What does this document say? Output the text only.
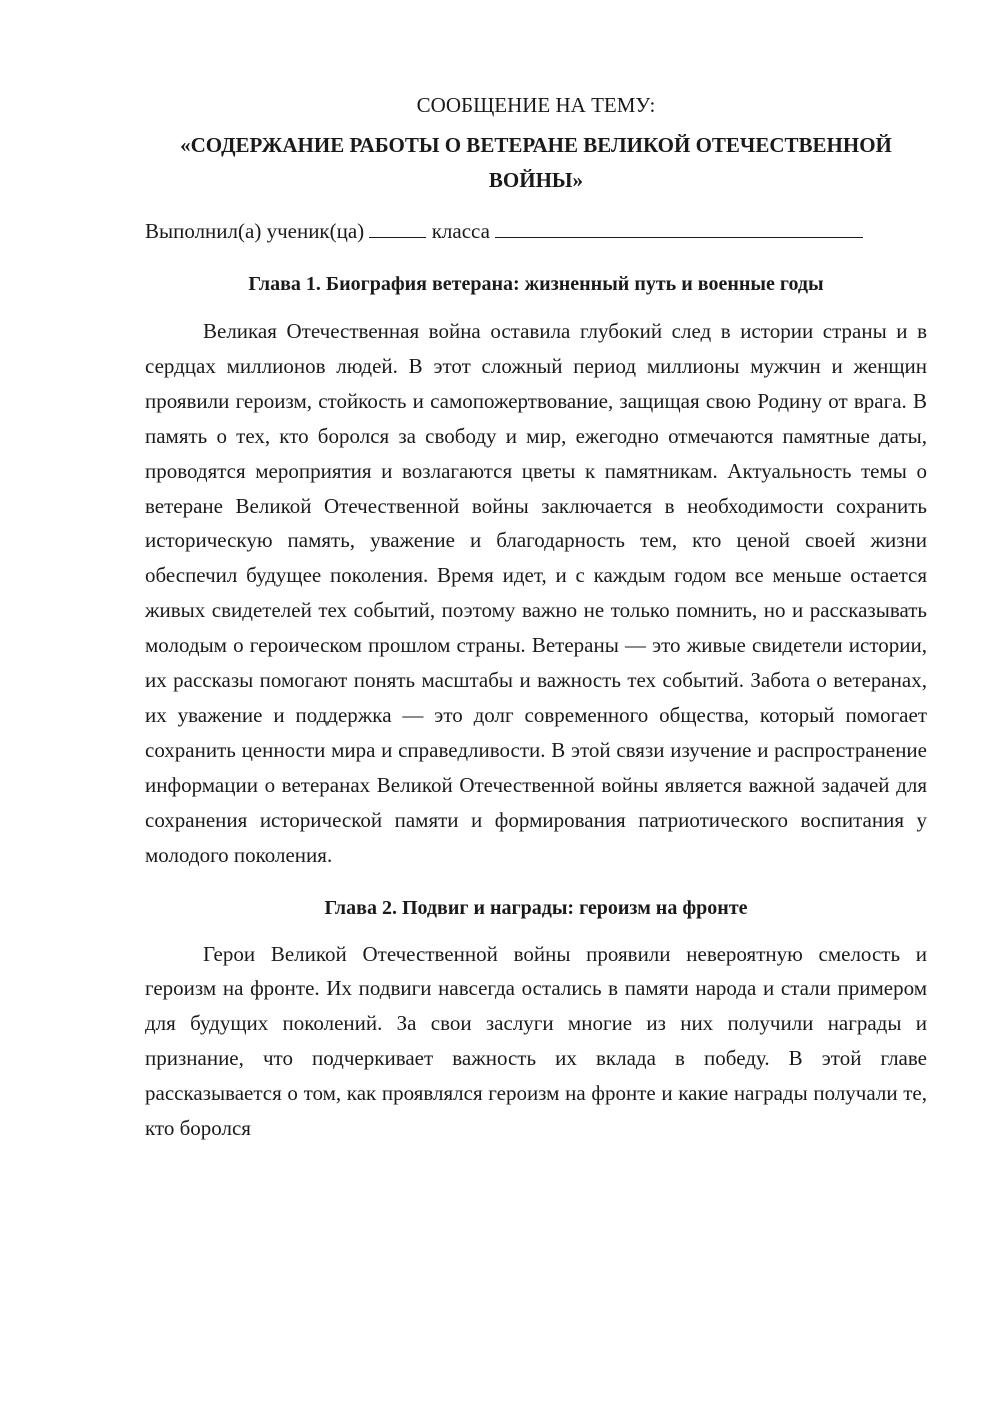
СООБЩЕНИЕ НА ТЕМУ:

«СОДЕРЖАНИЕ РАБОТЫ О ВЕТЕРАНЕ ВЕЛИКОЙ ОТЕЧЕСТВЕННОЙ ВОЙНЫ»

Выполнил(а) ученик(ца)	класса

Глава 1. Биография ветерана: жизненный путь и военные годы

Великая Отечественная война оставила глубокий след в истории страны и в сердцах миллионов людей. В этот сложный период миллионы мужчин и женщин проявили героизм, стойкость и самопожертвование, защищая свою Родину от врага. В память о тех, кто боролся за свободу и мир, ежегодно отмечаются памятные даты, проводятся мероприятия и возлагаются цветы к памятникам. Актуальность темы о ветеране Великой Отечественной войны заключается в необходимости сохранить историческую память, уважение и благодарность тем, кто ценой своей жизни обеспечил будущее поколения. Время идет, и с каждым годом все меньше остается живых свидетелей тех событий, поэтому важно не только помнить, но и рассказывать молодым о героическом прошлом страны. Ветераны — это живые свидетели истории, их рассказы помогают понять масштабы и важность тех событий. Забота о ветеранах, их уважение и поддержка — это долг современного общества, который помогает сохранить ценности мира и справедливости. В этой связи изучение и распространение информации о ветеранах Великой Отечественной войны является важной задачей для сохранения исторической памяти и формирования патриотического воспитания у молодого поколения.

Глава 2. Подвиг и награды: героизм на фронте

Герои Великой Отечественной войны проявили невероятную смелость и героизм на фронте. Их подвиги навсегда остались в памяти народа и стали примером для будущих поколений. За свои заслуги многие из них получили награды и признание, что подчеркивает важность их вклада в победу. В этой главе рассказывается о том, как проявлялся героизм на фронте и какие награды получали те, кто боролся
